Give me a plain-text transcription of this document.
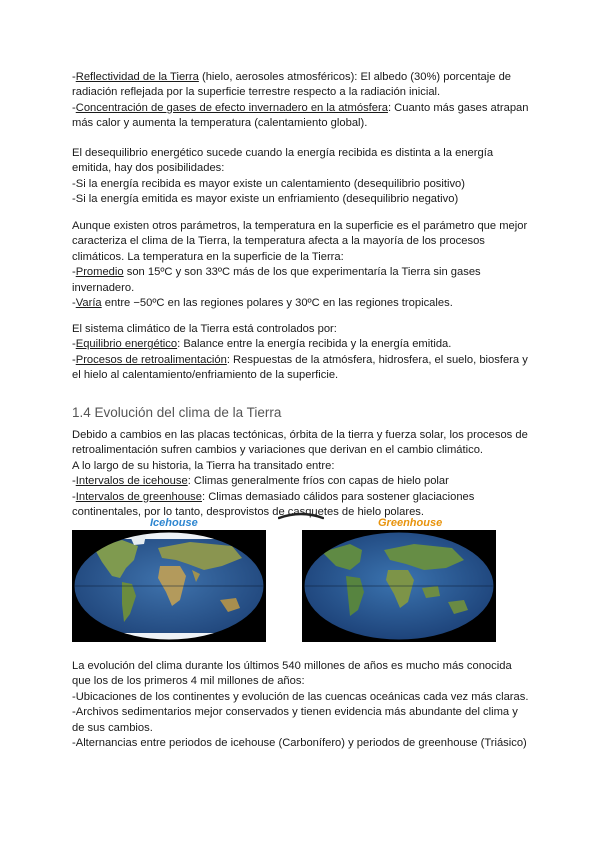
-Reflectividad de la Tierra (hielo, aerosoles atmosféricos): El albedo (30%) porcentaje de radiación reflejada por la superficie terrestre respecto a la radiación inicial.

-Concentración de gases de efecto invernadero en la atmósfera: Cuanto más gases atrapan más calor y aumenta la temperatura (calentamiento global).

El desequilibrio energético sucede cuando la energía recibida es distinta a la energía emitida, hay dos posibilidades:

-Si la energía recibida es mayor existe un calentamiento (desequilibrio positivo)

-Si la energía emitida es mayor existe un enfriamiento (desequilibrio negativo)

Aunque existen otros parámetros, la temperatura en la superficie es el parámetro que mejor caracteriza el clima de la Tierra, la temperatura afecta a la mayoría de los procesos climáticos. La temperatura en la superficie de la Tierra:

-Promedio son 15ºC y son 33ºC más de los que experimentaría la Tierra sin gases invernadero.

-Varía entre −50ºC en las regiones polares y 30ºC en las regiones tropicales.

El sistema climático de la Tierra está controlados por:

-Equilibrio energético: Balance entre la energía recibida y la energía emitida.

-Procesos de retroalimentación: Respuestas de la atmósfera, hidrosfera, el suelo, biosfera y el hielo al calentamiento/enfriamiento de la superficie.

1.4 Evolución del clima de la Tierra

Debido a cambios en las placas tectónicas, órbita de la tierra y fuerza solar, los procesos de retroalimentación sufren cambios y variaciones que derivan en el cambio climático.

A lo largo de su historia, la Tierra ha transitado entre:

-Intervalos de icehouse: Climas generalmente fríos con capas de hielo polar

-Intervalos de greenhouse: Climas demasiado cálidos para sostener glaciaciones continentales, por lo tanto, desprovistos de casquetes de hielo polares.

Icehouse	Greenhouse

La evolución del clima durante los últimos 540 millones de años es mucho más conocida que los de los primeros 4 mil millones de años:

-Ubicaciones de los continentes y evolución de las cuencas oceánicas cada vez más claras.

-Archivos sedimentarios mejor conservados y tienen evidencia más abundante del clima y de sus cambios.

-Alternancias entre periodos de icehouse (Carbonífero) y periodos de greenhouse (Triásico)
